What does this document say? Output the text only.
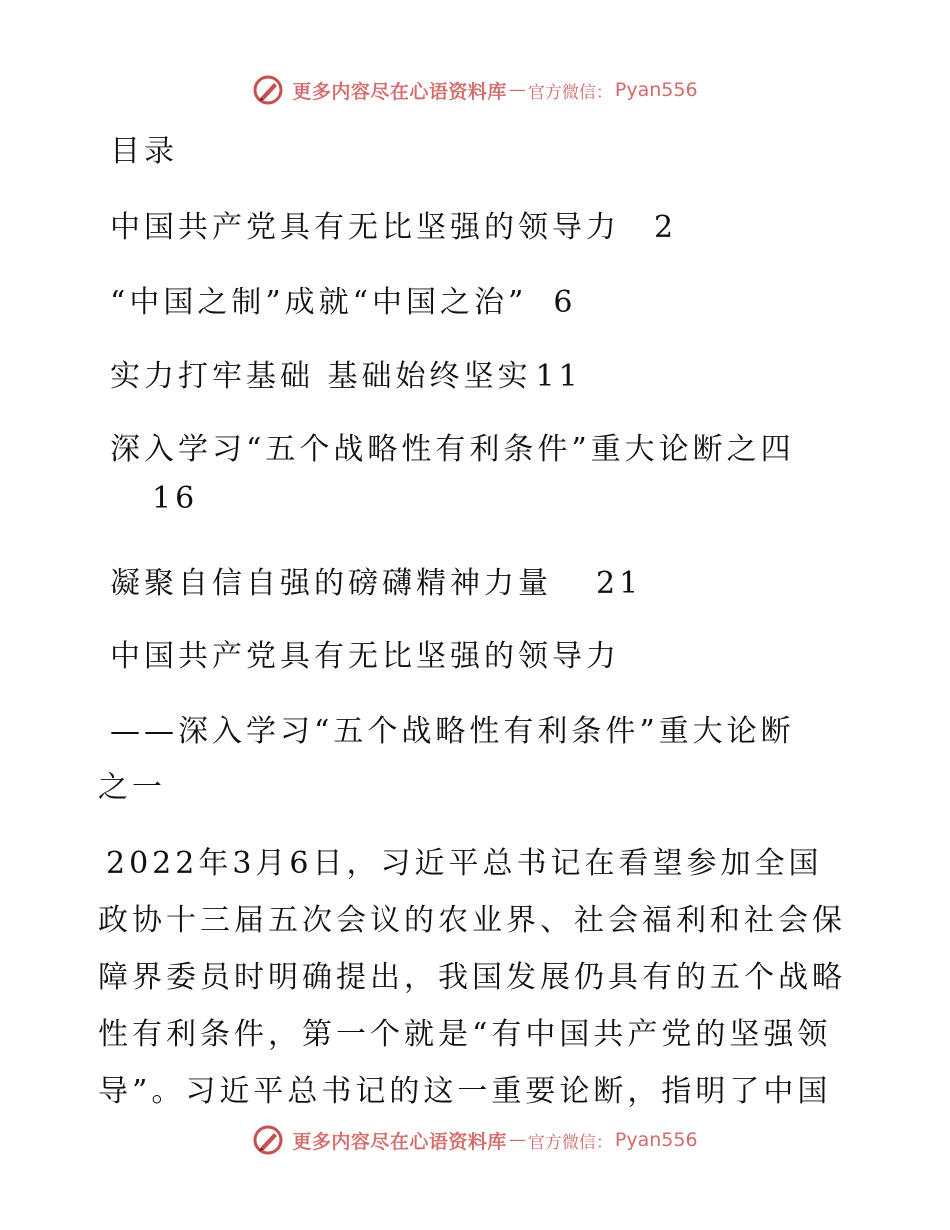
更多内容尽在心语资料库 — 官方微信： Pyan556
目录
中国共产党具有无比坚强的领导力 2
“中国之制”成就“中国之治” 6
实力打牢基础 基础始终坚实 11
深入学习“五个战略性有利条件”重大论断之四
16
凝聚自信自强的磅礴精神力量 21
中国共产党具有无比坚强的领导力
——深入学习“五个战略性有利条件”重大论断
之一
2022年3月6日，习近平总书记在看望参加全国
政协十三届五次会议的农业界、社会福利和社会保
障界委员时明确提出，我国发展仍具有的五个战略
性有利条件，第一个就是“有中国共产党的坚强领
导”。习近平总书记的这一重要论断，指明了中国
更多内容尽在心语资料库 — 官方微信： Pyan556
